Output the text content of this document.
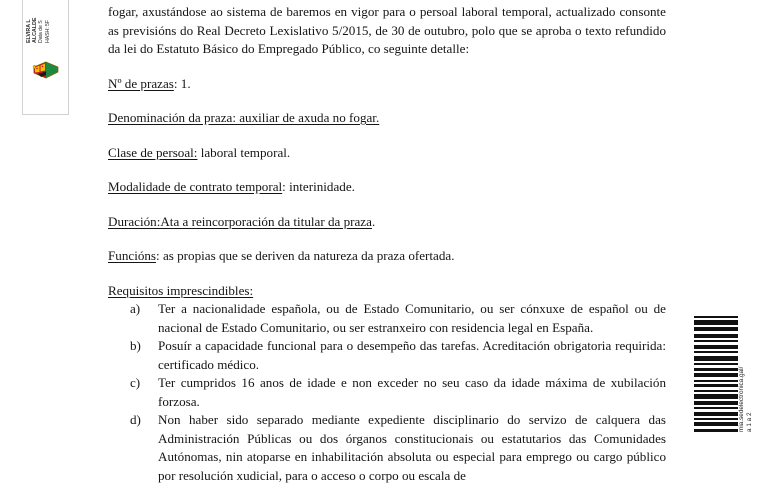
ELVIRA L ALCALDE Data de S HASH: 5F

fogar, axustándose ao sistema de baremos en vigor para o persoal laboral temporal, actualizado consonte as previsións do Real Decreto Lexislativo 5/2015, de 30 de outubro, polo que se aproba o texto refundido da lei do Estatuto Básico do Empregado Público, co seguinte detalle:

Nº de prazas: 1.
Denominación da praza: auxiliar de axuda no fogar.
Clase de persoal: laboral temporal.
Modalidade de contrato temporal: interinidade.
Duración:Ata a reincorporación da titular da praza.
Funcións: as propias que se deriven da natureza da praza ofertada.
Requisitos imprescindibles:
a) Ter a nacionalidade española, ou de Estado Comunitario, ou ser cónxuxe de español ou de nacional de Estado Comunitario, ou ser estranxeiro con residencia legal en España.
b) Posuír a capacidade funcional para o desempeño das tarefas. Acreditación obrigatoria requirida: certificado médico.
c) Ter cumpridos 16 anos de idade e non exceder no seu caso da idade máxima de xubilación forzosa.
d) Non haber sido separado mediante expediente disciplinario do servizo de calquera das Administración Públicas ou dos órganos constitucionais ou estatutarios das Comunidades Autónomas, nin atoparse en inhabilitación absoluta ou especial para emprego ou cargo público por resolución xudicial, para o acceso o corpo ou escala de
mia.sedelectronica.gal/ a 1 a 2
